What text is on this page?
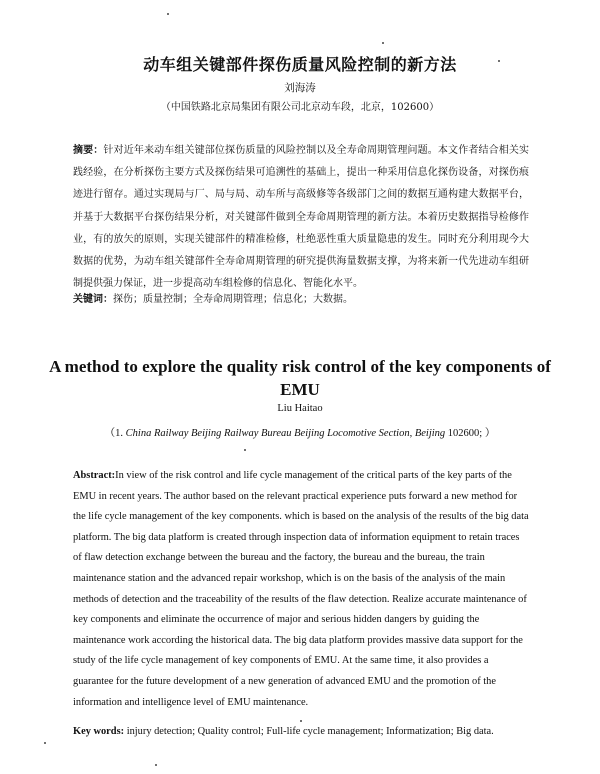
动车组关键部件探伤质量风险控制的新方法
刘海涛
（中国铁路北京局集团有限公司北京动车段，北京，102600）
摘要：针对近年来动车组关键部位探伤质量的风险控制以及全寿命周期管理问题。本文作者结合相关实践经验，在分析探伤主要方式及探伤结果可追溯性的基础上，提出一种采用信息化探伤设备，对探伤痕迹进行留存。通过实现局与厂、局与局、动车所与高级修等各级部门之间的数据互通构建大数据平台，并基于大数据平台探伤结果分析，对关键部件做到全寿命周期管理的新方法。本着历史数据指导检修作业，有的放矢的原则，实现关键部件的精准检修，杜绝恶性重大质量隐患的发生。同时充分利用现今大数据的优势，为动车组关键部件全寿命周期管理的研究提供海量数据支撑，为将来新一代先进动车组研制提供强力保证，进一步提高动车组检修的信息化、智能化水平。
关键词：探伤；质量控制；全寿命周期管理；信息化；大数据。
A method to explore the quality risk control of the key components of EMU
Liu Haitao
（1. China Railway Beijing Railway Bureau Beijing Locomotive Section, Beijing 102600; ）
Abstract:In view of the risk control and life cycle management of the critical parts of the key parts of the EMU in recent years. The author based on the relevant practical experience puts forward a new method for the life cycle management of the key components. which is based on the analysis of the results of the big data platform. The big data platform is created through inspection data of information equipment to retain traces of flaw detection exchange between the bureau and the factory, the bureau and the bureau, the train maintenance station and the advanced repair workshop, which is on the basis of the analysis of the main methods of detection and the traceability of the results of the flaw detection. Realize accurate maintenance of key components and eliminate the occurrence of major and serious hidden dangers by guiding the maintenance work according the historical data. The big data platform provides massive data support for the study of the life cycle management of key components of EMU. At the same time, it also provides a guarantee for the future development of a new generation of advanced EMU and the promotion of the information and intelligence level of EMU maintenance.
Key words: injury detection; Quality control; Full-life cycle management; Informatization; Big data.
